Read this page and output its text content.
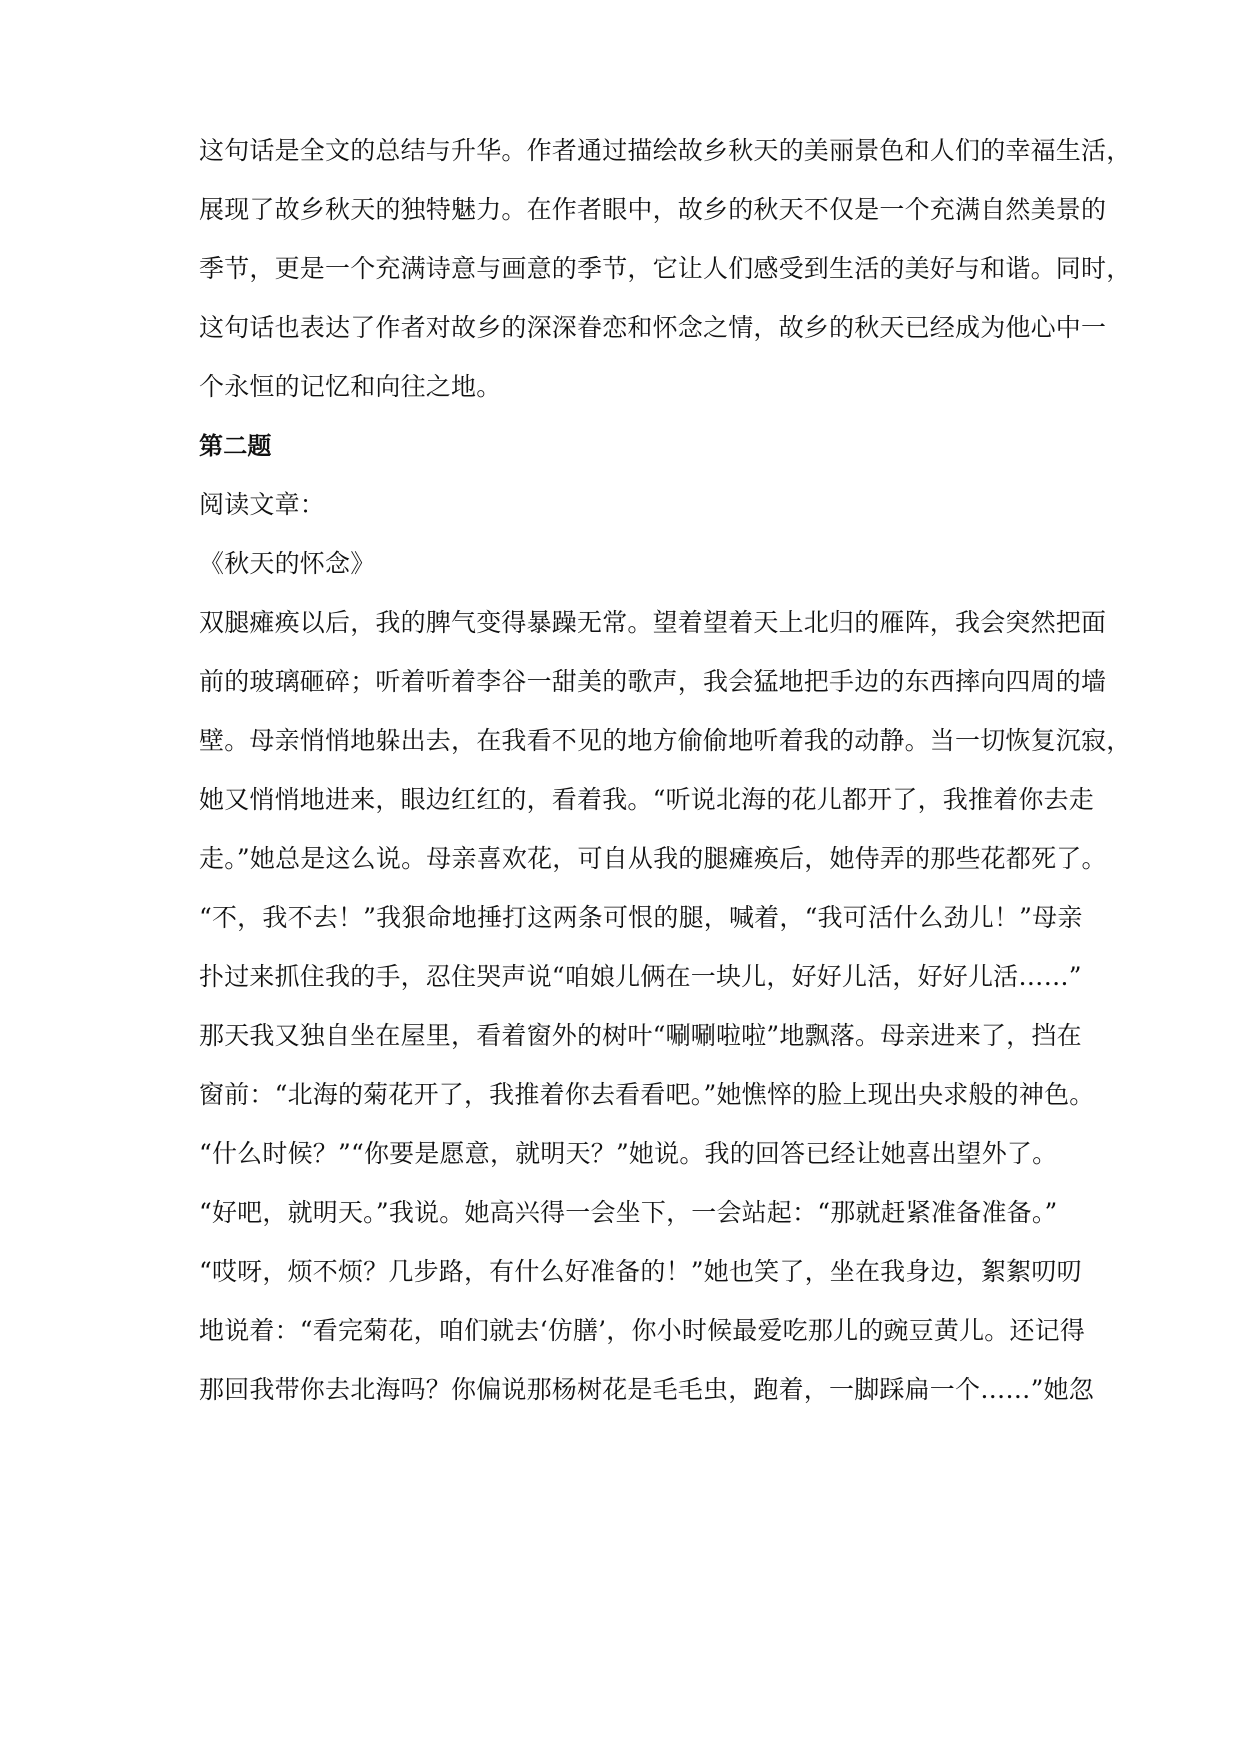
这句话是全文的总结与升华。作者通过描绘故乡秋天的美丽景色和人们的幸福生活，
展现了故乡秋天的独特魅力。在作者眼中，故乡的秋天不仅是一个充满自然美景的
季节，更是一个充满诗意与画意的季节，它让人们感受到生活的美好与和谐。同时，
这句话也表达了作者对故乡的深深眷恋和怀念之情，故乡的秋天已经成为他心中一
个永恒的记忆和向往之地。
第二题
阅读文章：
《秋天的怀念》
双腿瘫痪以后，我的脾气变得暴躁无常。望着望着天上北归的雁阵，我会突然把面
前的玻璃砸碎；听着听着李谷一甜美的歌声，我会猛地把手边的东西摔向四周的墙
壁。母亲悄悄地躲出去，在我看不见的地方偷偷地听着我的动静。当一切恢复沉寂，
她又悄悄地进来，眼边红红的，看着我。“听说北海的花儿都开了，我推着你去走
走。”她总是这么说。母亲喜欢花，可自从我的腿瘫痪后，她侍弄的那些花都死了。
“不，我不去！”我狠命地捶打这两条可恨的腿，喊着，“我可活什么劲儿！”母亲
扑过来抓住我的手，忍住哭声说“咱娘儿俩在一块儿，好好儿活，好好儿活……”
那天我又独自坐在屋里，看着窗外的树叶“唰唰啦啦”地飘落。母亲进来了，挡在
窗前：“北海的菊花开了，我推着你去看看吧。”她憔悴的脸上现出央求般的神色。
“什么时候？”“你要是愿意，就明天？”她说。我的回答已经让她喜出望外了。
“好吧，就明天。”我说。她高兴得一会坐下，一会站起：“那就赶紧准备准备。”
“哎呀，烦不烦？几步路，有什么好准备的！”她也笑了，坐在我身边，絮絮叨叨
地说着：“看完菊花，咱们就去‘仿膳’，你小时候最爱吃那儿的豌豆黄儿。还记得
那回我带你去北海吗？你偏说那杨树花是毛毛虫，跑着，一脚踩扁一个……”她忽
